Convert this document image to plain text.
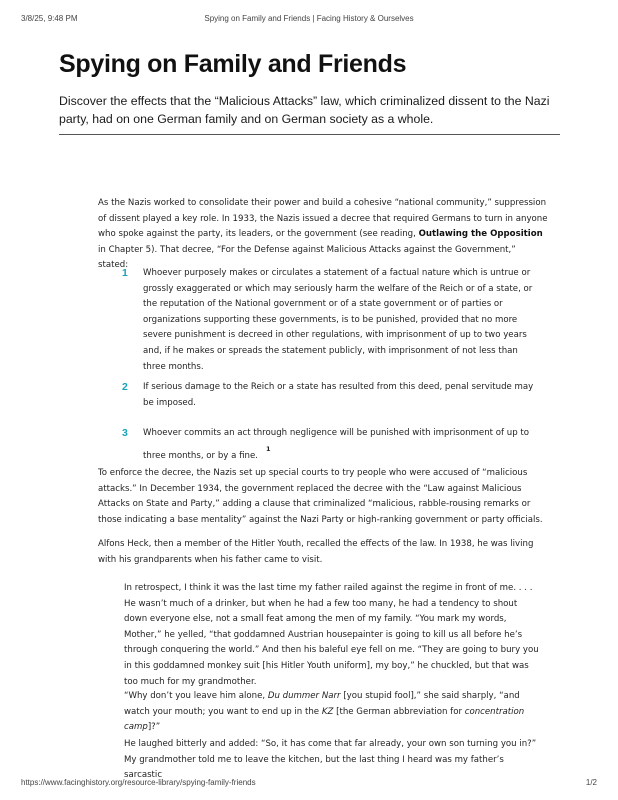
3/8/25, 9:48 PM	Spying on Family and Friends | Facing History & Ourselves
Spying on Family and Friends

Discover the effects that the “Malicious Attacks” law, which criminalized dissent to the Nazi party, had on one German family and on German society as a whole.

As the Nazis worked to consolidate their power and build a cohesive “national community,” suppression of dissent played a key role. In 1933, the Nazis issued a decree that required Germans to turn in anyone who spoke against the party, its leaders, or the government (see reading, Outlawing the Opposition in Chapter 5). That decree, “For the Defense against Malicious Attacks against the Government,” stated:

1 Whoever purposely makes or circulates a statement of a factual nature which is untrue or grossly exaggerated or which may seriously harm the welfare of the Reich or of a state, or the reputation of the National government or of a state government or of parties or organizations supporting these governments, is to be punished, provided that no more severe punishment is decreed in other regulations, with imprisonment of up to two years and, if he makes or spreads the statement publicly, with imprisonment of not less than three months.
2 If serious damage to the Reich or a state has resulted from this deed, penal servitude may be imposed.
3 Whoever commits an act through negligence will be punished with imprisonment of up to three months, or by a fine.$^1$

To enforce the decree, the Nazis set up special courts to try people who were accused of “malicious attacks.” In December 1934, the government replaced the decree with the “Law against Malicious Attacks on State and Party,” adding a clause that criminalized “malicious, rabble-rousing remarks or those indicating a base mentality” against the Nazi Party or high-ranking government or party officials.

Alfons Heck, then a member of the Hitler Youth, recalled the effects of the law. In 1938, he was living with his grandparents when his father came to visit.

In retrospect, I think it was the last time my father railed against the regime in front of me. . . . He wasn’t much of a drinker, but when he had a few too many, he had a tendency to shout down everyone else, not a small feat among the men of my family. “You mark my words, Mother,” he yelled, “that goddamned Austrian housepainter is going to kill us all before he’s through conquering the world.” And then his baleful eye fell on me. “They are going to bury you in this goddamned monkey suit [his Hitler Youth uniform], my boy,” he chuckled, but that was too much for my grandmother.

“Why don’t you leave him alone, Du dummer Narr [you stupid fool],” she said sharply, “and watch your mouth; you want to end up in the KZ [the German abbreviation for concentration camp]?”

He laughed bitterly and added: “So, it has come that far already, your own son turning you in?” My grandmother told me to leave the kitchen, but the last thing I heard was my father’s sarcastic

https://www.facinghistory.org/resource-library/spying-family-friends	1/2
